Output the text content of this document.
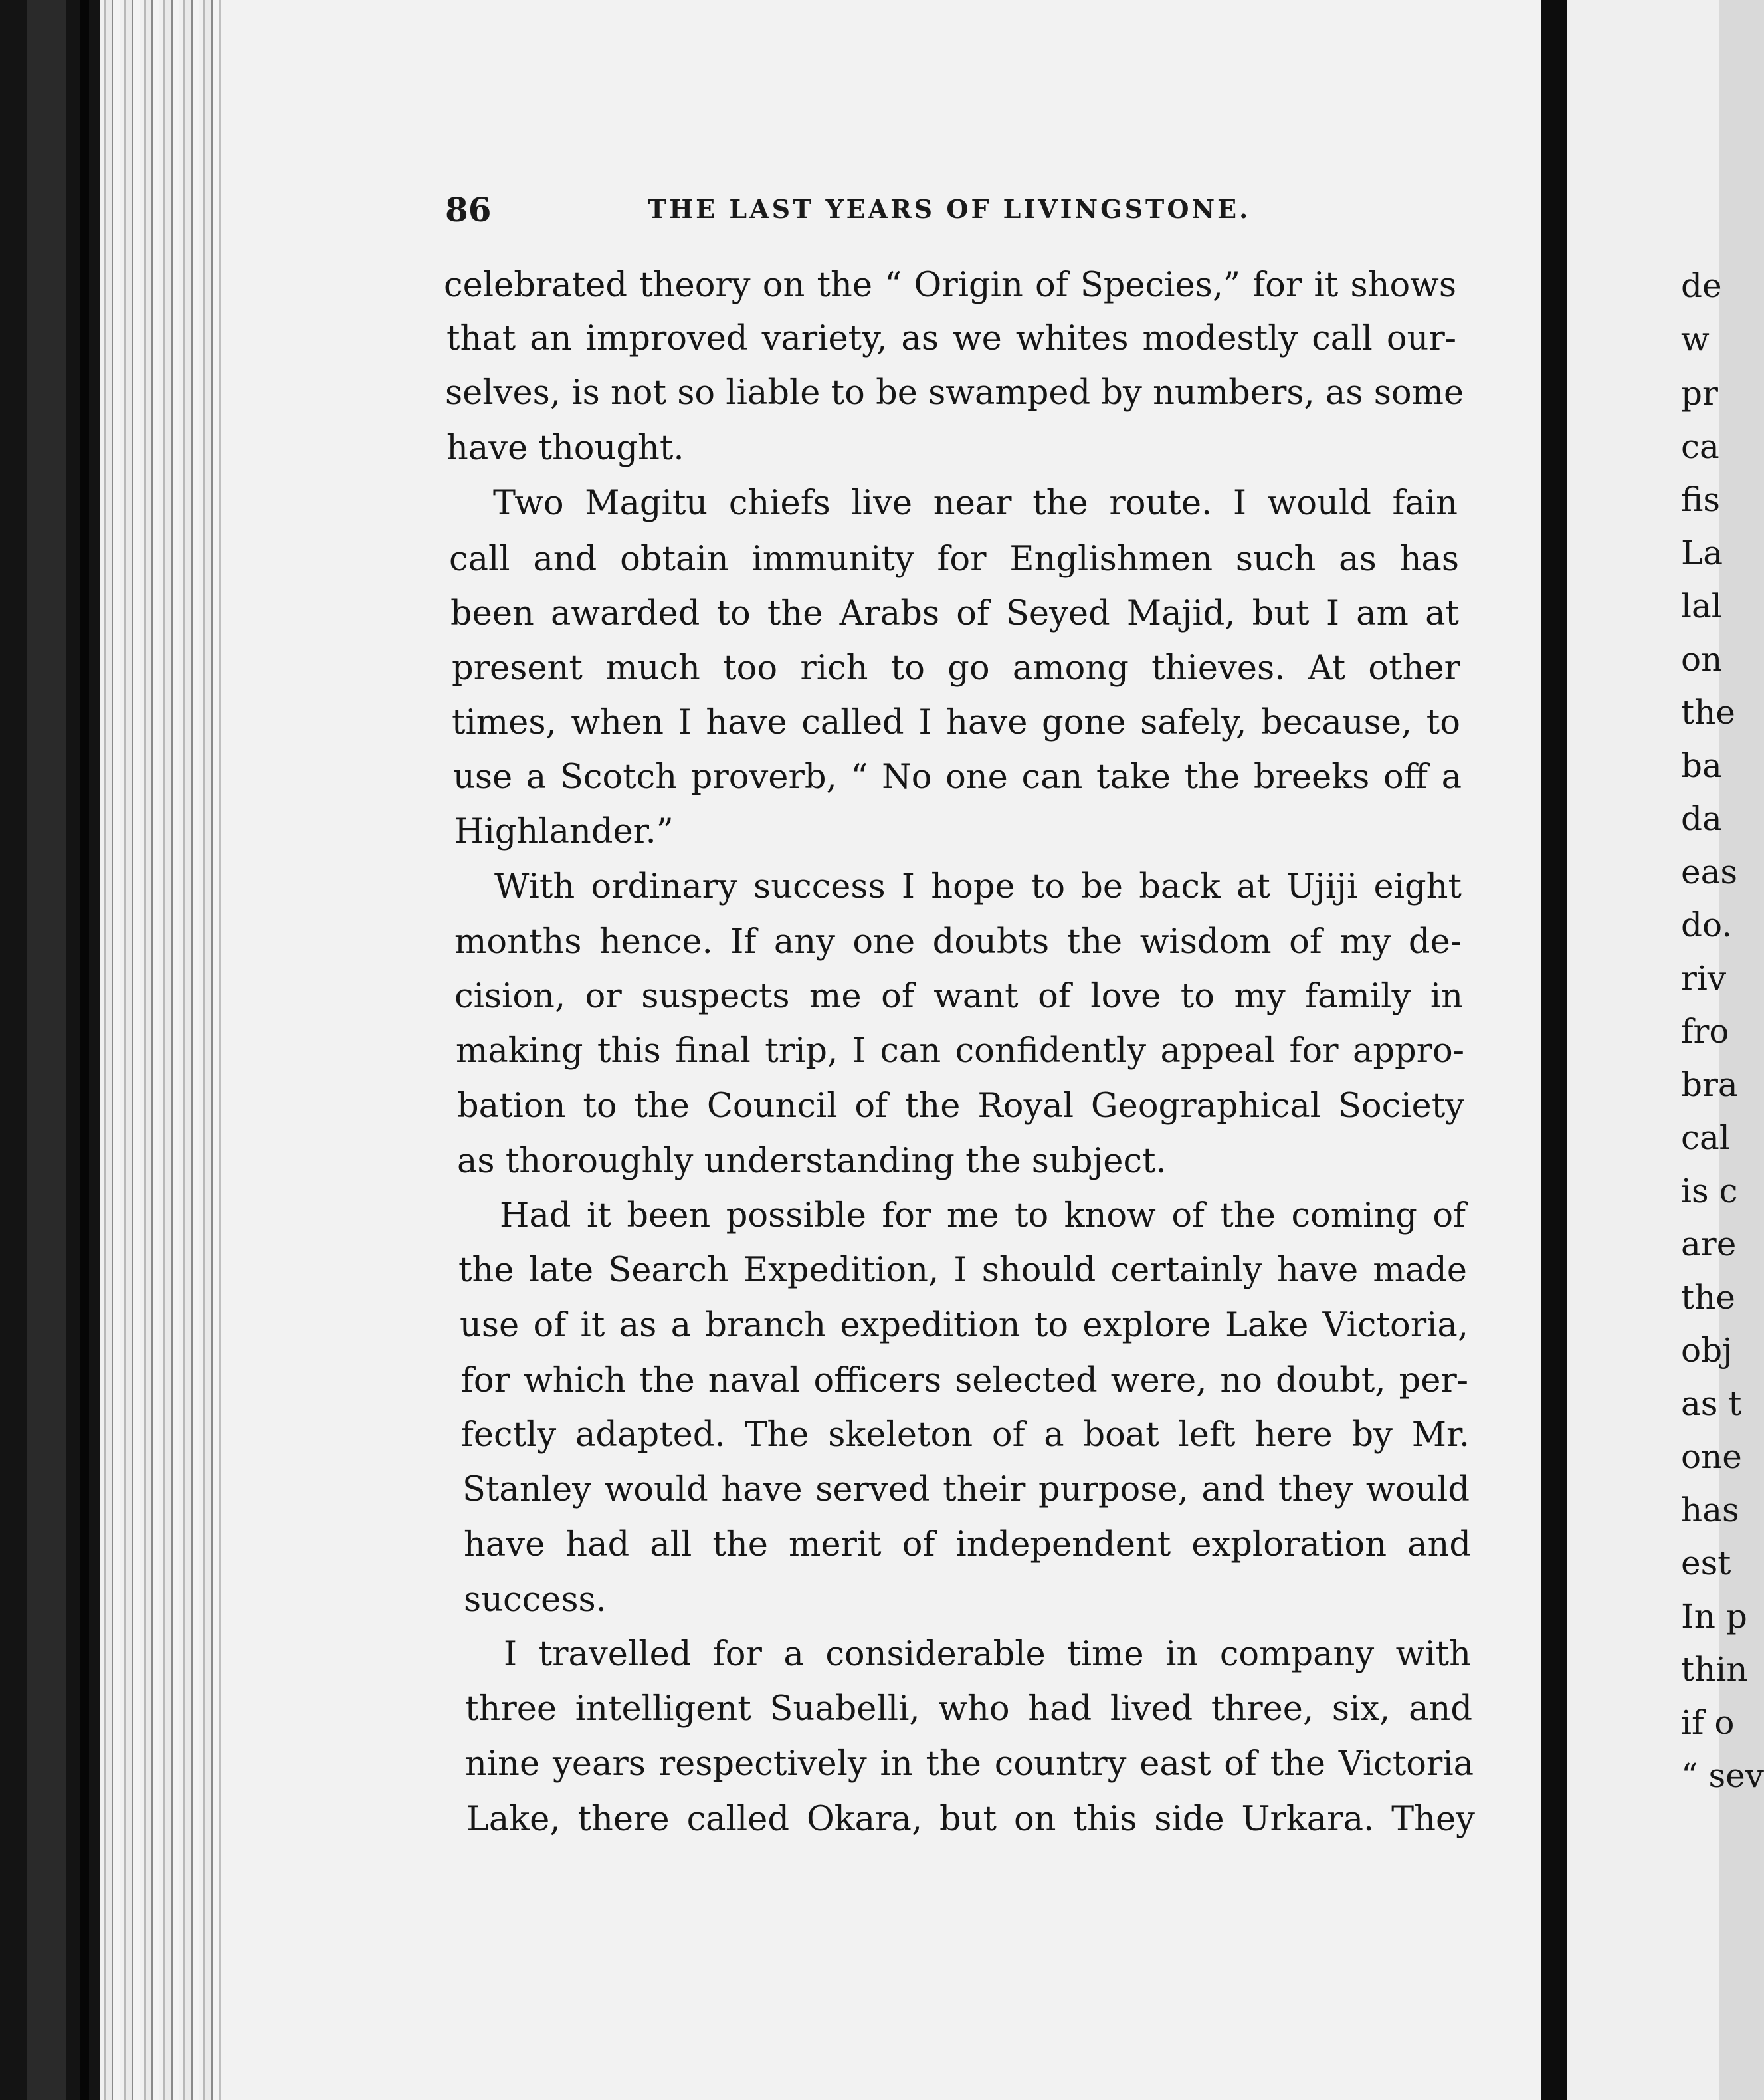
86	THE LAST YEARS OF LIVINGSTONE.
celebrated theory on the “ Origin of Species,” for it shows
that an improved variety, as we whites modestly call our-
selves, is not so liable to be swamped by numbers, as some
have thought.
Two Magitu chiefs live near the route. I would fain
call and obtain immunity for Englishmen such as has
been awarded to the Arabs of Seyed Majid, but I am at
present much too rich to go among thieves. At other
times, when I have called I have gone safely, because, to
use a Scotch proverb, “ No one can take the breeks off a
Highlander.”
With ordinary success I hope to be back at Ujiji eight
months hence. If any one doubts the wisdom of my de-
cision, or suspects me of want of love to my family in
making this final trip, I can confidently appeal for appro-
bation to the Council of the Royal Geographical Society
as thoroughly understanding the subject.
Had it been possible for me to know of the coming of
the late Search Expedition, I should certainly have made
use of it as a branch expedition to explore Lake Victoria,
for which the naval officers selected were, no doubt, per-
fectly adapted. The skeleton of a boat left here by Mr.
Stanley would have served their purpose, and they would
have had all the merit of independent exploration and
success.
I travelled for a considerable time in company with
three intelligent Suabelli, who had lived three, six, and
nine years respectively in the country east of the Victoria
Lake, there called Okara, but on this side Urkara. They
de
w
pr
ca
fis
La
lal
on
the
ba
da
eas
do.
riv
fro
bra
cal
is c
are
the
obj
as t
one
has
est
In p
thin
if o
“ sev
